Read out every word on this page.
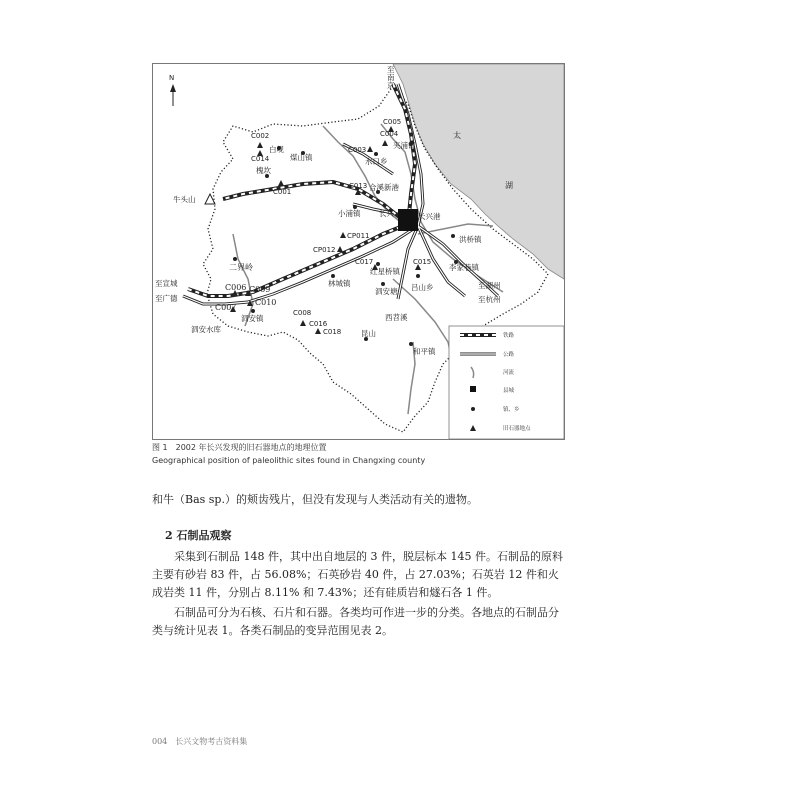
N
太
湖
至
南
京
至宣城
至广德
至湖州
至杭州
白岘
煤山镇
槐坎
牛头山
水口乡
夹浦镇
合溪新港
小浦镇 长兴	长兴港
洪桥镇
李家巷镇
二界岭	红星桥镇
林城镇	吕山乡
泗安塘
泗安镇
泗安水库
西苕溪
昆山
和平镇
C002
C014
C001
C003
C004
C005
C013
CP011
CP012
C017	C015
C006 C009
C007
C010
C008
C016
C018	铁路
公路
河流
县城
镇、乡
旧石器地点
图 1　2002 年长兴发现的旧石器地点的地理位置
Geographical position of paleolithic sites found in Changxing county
和牛（Bas sp.）的颊齿残片，但没有发现与人类活动有关的遗物。
2 石制品观察
采集到石制品 148 件，其中出自地层的 3 件，脱层标本 145 件。石制品的原料主要有砂岩 83 件，占 56.08%；石英砂岩 40 件，占 27.03%；石英岩 12 件和火成岩类 11 件，分别占 8.11% 和 7.43%；还有硅质岩和燧石各 1 件。
石制品可分为石核、石片和石器。各类均可作进一步的分类。各地点的石制品分类与统计见表 1。各类石制品的变异范围见表 2。
004　长兴文物考古资料集
